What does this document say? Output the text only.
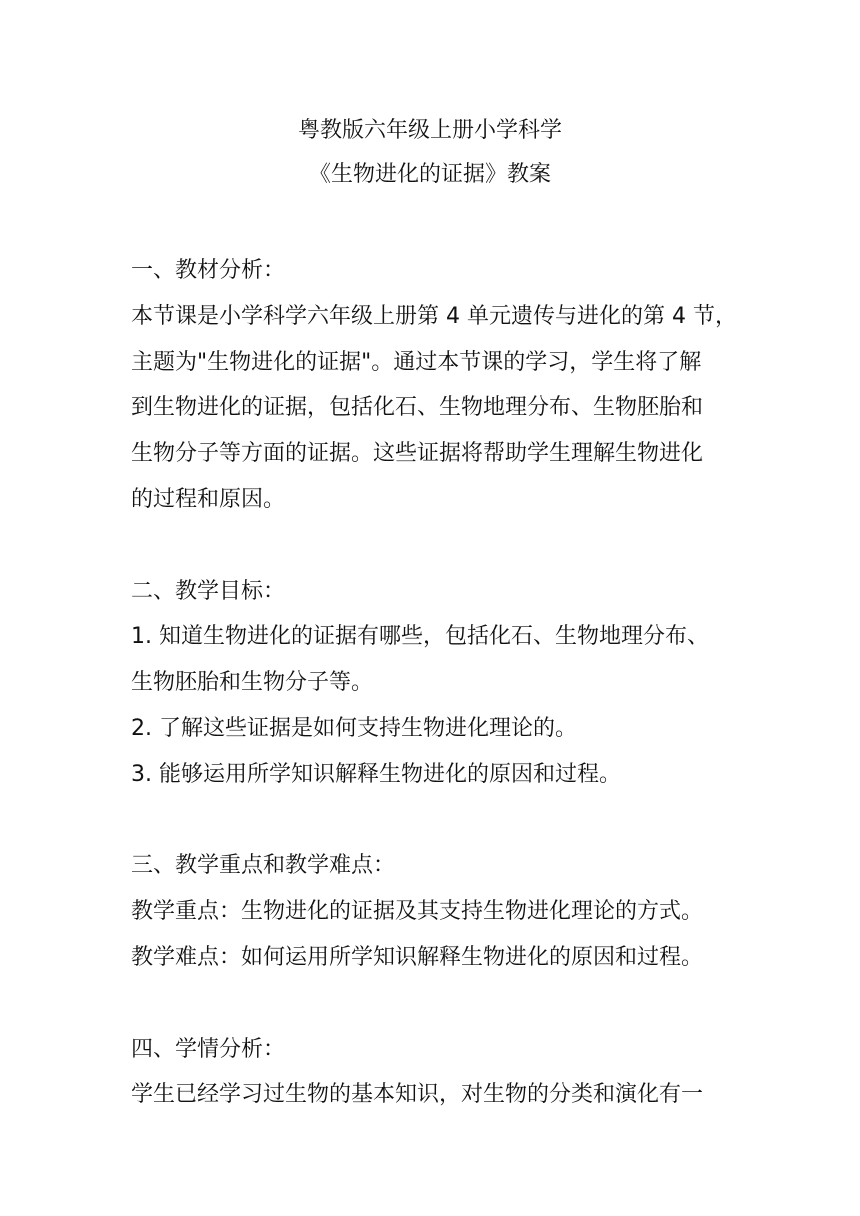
粤教版六年级上册小学科学
《生物进化的证据》教案
一、教材分析：
本节课是小学科学六年级上册第 4 单元遗传与进化的第 4 节，
主题为"生物进化的证据"。通过本节课的学习，学生将了解
到生物进化的证据，包括化石、生物地理分布、生物胚胎和
生物分子等方面的证据。这些证据将帮助学生理解生物进化
的过程和原因。
二、教学目标：
1. 知道生物进化的证据有哪些，包括化石、生物地理分布、
生物胚胎和生物分子等。
2. 了解这些证据是如何支持生物进化理论的。
3. 能够运用所学知识解释生物进化的原因和过程。
三、教学重点和教学难点：
教学重点：生物进化的证据及其支持生物进化理论的方式。
教学难点：如何运用所学知识解释生物进化的原因和过程。
四、学情分析：
学生已经学习过生物的基本知识，对生物的分类和演化有一
